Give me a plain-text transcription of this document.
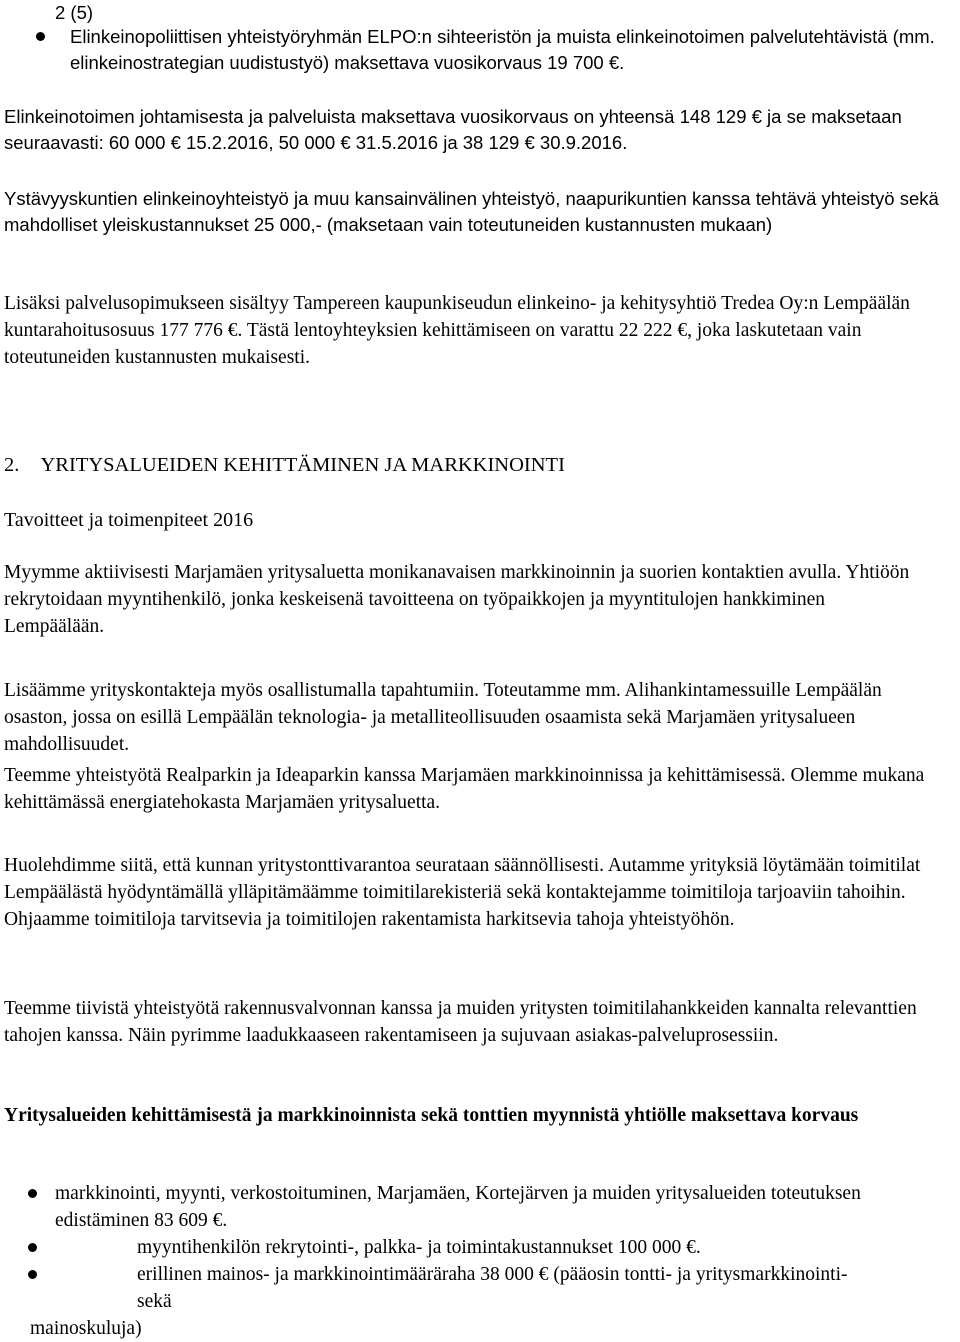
2 (5)

Elinkeinopoliittisen yhteistyöryhmän ELPO:n sihteeristön ja muista elinkeinotoimen palvelutehtävistä (mm. elinkeinostrategian uudistustyö) maksettava vuosikorvaus 19 700 €.

Elinkeinotoimen johtamisesta ja palveluista maksettava vuosikorvaus on yhteensä 148 129 € ja se maksetaan seuraavasti: 60 000 € 15.2.2016, 50 000 € 31.5.2016 ja 38 129 € 30.9.2016.

Ystävyyskuntien elinkeinoyhteistyö ja muu kansainvälinen yhteistyö, naapurikuntien kanssa tehtävä yhteistyö sekä mahdolliset yleiskustannukset 25 000,- (maksetaan vain toteutuneiden kustannusten mukaan)

Lisäksi palvelusopimukseen sisältyy Tampereen kaupunkiseudun elinkeino- ja kehitysyhtiö Tredea Oy:n Lempäälän kuntarahoitusosuus 177 776 €. Tästä lentoyhteyksien kehittämiseen on varattu 22 222 €, joka laskutetaan vain toteutuneiden kustannusten mukaisesti.

2. YRITYSALUEIDEN KEHITTÄMINEN JA MARKKINOINTI
Tavoitteet ja toimenpiteet 2016

Myymme aktiivisesti Marjamäen yritysaluetta monikanavaisen markkinoinnin ja suorien kontaktien avulla. Yhtiöön rekrytoidaan myyntihenkilö, jonka keskeisenä tavoitteena on työpaikkojen ja myyntitulojen hankkiminen Lempäälään.

Lisäämme yrityskontakteja myös osallistumalla tapahtumiin. Toteutamme mm. Alihankintamessuille Lempäälän osaston, jossa on esillä Lempäälän teknologia- ja metalliteollisuuden osaamista sekä Marjamäen yritysalueen mahdollisuudet.

Teemme yhteistyötä Realparkin ja Ideaparkin kanssa Marjamäen markkinoinnissa ja kehittämisessä. Olemme mukana kehittämässä energiatehokasta Marjamäen yritysaluetta.

Huolehdimme siitä, että kunnan yritystonttivarantoa seurataan säännöllisesti. Autamme yrityksiä löytämään toimitilat Lempäälästä hyödyntämällä ylläpitämäämme toimitilarekisteriä sekä kontaktejamme toimitiloja tarjoaviin tahoihin. Ohjaamme toimitiloja tarvitsevia ja toimitilojen rakentamista harkitsevia tahoja yhteistyöhön.

Teemme tiivistä yhteistyötä rakennusvalvonnan kanssa ja muiden yritysten toimitilahankkeiden kannalta relevanttien tahojen kanssa. Näin pyrimme laadukkaaseen rakentamiseen ja sujuvaan asiakas-palveluprosessiin.

Yritysalueiden kehittämisestä ja markkinoinnista sekä tonttien myynnistä yhtiölle maksettava korvaus

markkinointi, myynti, verkostoituminen, Marjamäen, Kortejärven ja muiden yritysalueiden toteutuksen edistäminen 83 609 €.

myyntihenkilön rekrytointi-, palkka- ja toimintakustannukset 100 000 €.

erillinen mainos- ja markkinointimääräraha 38 000 € (pääosin tontti- ja yritysmarkkinointi-

sekä

mainoskuluja)
